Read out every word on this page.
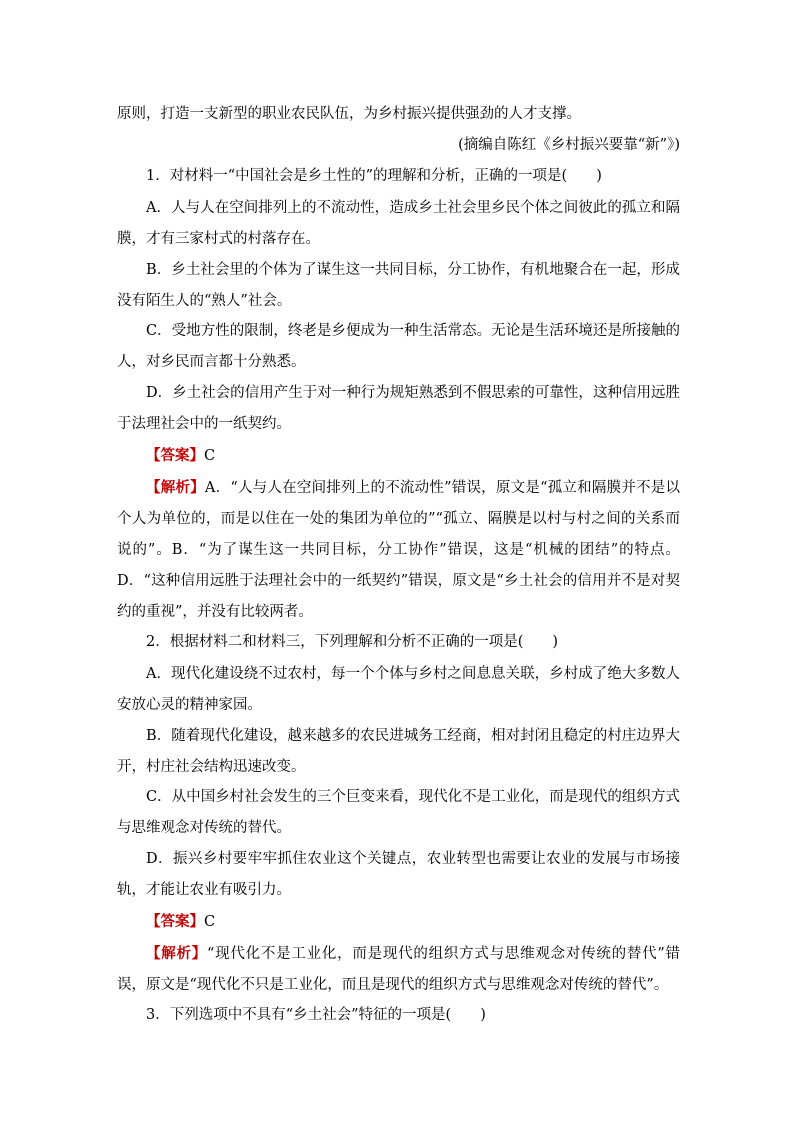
原则，打造一支新型的职业农民队伍，为乡村振兴提供强劲的人才支撑。

(摘编自陈红《乡村振兴要靠“新”》)

1．对材料一“中国社会是乡土性的”的理解和分析，正确的一项是(　　)

A．人与人在空间排列上的不流动性，造成乡土社会里乡民个体之间彼此的孤立和隔膜，才有三家村式的村落存在。

B．乡土社会里的个体为了谋生这一共同目标，分工协作，有机地聚合在一起，形成没有陌生人的“熟人”社会。

C．受地方性的限制，终老是乡便成为一种生活常态。无论是生活环境还是所接触的人，对乡民而言都十分熟悉。

D．乡土社会的信用产生于对一种行为规矩熟悉到不假思索的可靠性，这种信用远胜于法理社会中的一纸契约。

【答案】C

【解析】A．“人与人在空间排列上的不流动性”错误，原文是“孤立和隔膜并不是以个人为单位的，而是以住在一处的集团为单位的”“孤立、隔膜是以村与村之间的关系而说的”。B．“为了谋生这一共同目标，分工协作”错误，这是“机械的团结”的特点。D．“这种信用远胜于法理社会中的一纸契约”错误，原文是“乡土社会的信用并不是对契约的重视”，并没有比较两者。

2．根据材料二和材料三，下列理解和分析不正确的一项是(　　)

A．现代化建设绕不过农村，每一个个体与乡村之间息息关联，乡村成了绝大多数人安放心灵的精神家园。

B．随着现代化建设，越来越多的农民进城务工经商，相对封闭且稳定的村庄边界大开，村庄社会结构迅速改变。

C．从中国乡村社会发生的三个巨变来看，现代化不是工业化，而是现代的组织方式与思维观念对传统的替代。

D．振兴乡村要牢牢抓住农业这个关键点，农业转型也需要让农业的发展与市场接轨，才能让农业有吸引力。

【答案】C

【解析】“现代化不是工业化，而是现代的组织方式与思维观念对传统的替代”错误，原文是“现代化不只是工业化，而且是现代的组织方式与思维观念对传统的替代”。

3．下列选项中不具有“乡土社会”特征的一项是(　　)
